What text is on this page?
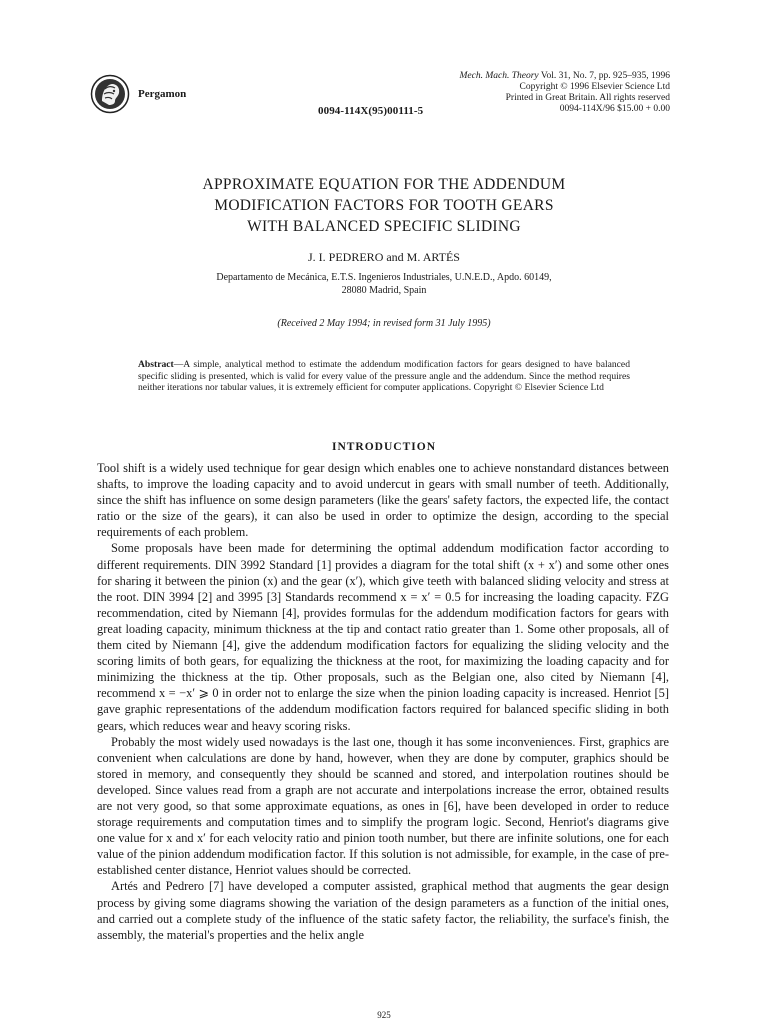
Pergamon
0094-114X(95)00111-5
Mech. Mach. Theory Vol. 31, No. 7, pp. 925–935, 1996
Copyright © 1996 Elsevier Science Ltd
Printed in Great Britain. All rights reserved
0094-114X/96 $15.00 + 0.00
APPROXIMATE EQUATION FOR THE ADDENDUM
MODIFICATION FACTORS FOR TOOTH GEARS
WITH BALANCED SPECIFIC SLIDING
J. I. PEDRERO and M. ARTÉS
Departamento de Mecánica, E.T.S. Ingenieros Industriales, U.N.E.D., Apdo. 60149,
28080 Madrid, Spain
(Received 2 May 1994; in revised form 31 July 1995)
Abstract—A simple, analytical method to estimate the addendum modification factors for gears designed to have balanced specific sliding is presented, which is valid for every value of the pressure angle and the addendum. Since the method requires neither iterations nor tabular values, it is extremely efficient for computer applications. Copyright © Elsevier Science Ltd
INTRODUCTION

Tool shift is a widely used technique for gear design which enables one to achieve nonstandard distances between shafts, to improve the loading capacity and to avoid undercut in gears with small number of teeth. Additionally, since the shift has influence on some design parameters (like the gears' safety factors, the expected life, the contact ratio or the size of the gears), it can also be used in order to optimize the design, according to the special requirements of each problem.

Some proposals have been made for determining the optimal addendum modification factor according to different requirements. DIN 3992 Standard [1] provides a diagram for the total shift (x + x′) and some other ones for sharing it between the pinion (x) and the gear (x′), which give teeth with balanced sliding velocity and stress at the root. DIN 3994 [2] and 3995 [3] Standards recommend x = x′ = 0.5 for increasing the loading capacity. FZG recommendation, cited by Niemann [4], provides formulas for the addendum modification factors for gears with great loading capacity, minimum thickness at the tip and contact ratio greater than 1. Some other proposals, all of them cited by Niemann [4], give the addendum modification factors for equalizing the sliding velocity and the scoring limits of both gears, for equalizing the thickness at the root, for maximizing the loading capacity and for minimizing the thickness at the tip. Other proposals, such as the Belgian one, also cited by Niemann [4], recommend x = −x′ ⩾ 0 in order not to enlarge the size when the pinion loading capacity is increased. Henriot [5] gave graphic representations of the addendum modification factors required for balanced specific sliding in both gears, which reduces wear and heavy scoring risks.

Probably the most widely used nowadays is the last one, though it has some inconveniences. First, graphics are convenient when calculations are done by hand, however, when they are done by computer, graphics should be stored in memory, and consequently they should be scanned and stored, and interpolation routines should be developed. Since values read from a graph are not accurate and interpolations increase the error, obtained results are not very good, so that some approximate equations, as ones in [6], have been developed in order to reduce storage requirements and computation times and to simplify the program logic. Second, Henriot's diagrams give one value for x and x′ for each velocity ratio and pinion tooth number, but there are infinite solutions, one for each value of the pinion addendum modification factor. If this solution is not admissible, for example, in the case of pre-established center distance, Henriot values should be corrected.

Artés and Pedrero [7] have developed a computer assisted, graphical method that augments the gear design process by giving some diagrams showing the variation of the design parameters as a function of the initial ones, and carried out a complete study of the influence of the static safety factor, the reliability, the surface's finish, the assembly, the material's properties and the helix angle

925
